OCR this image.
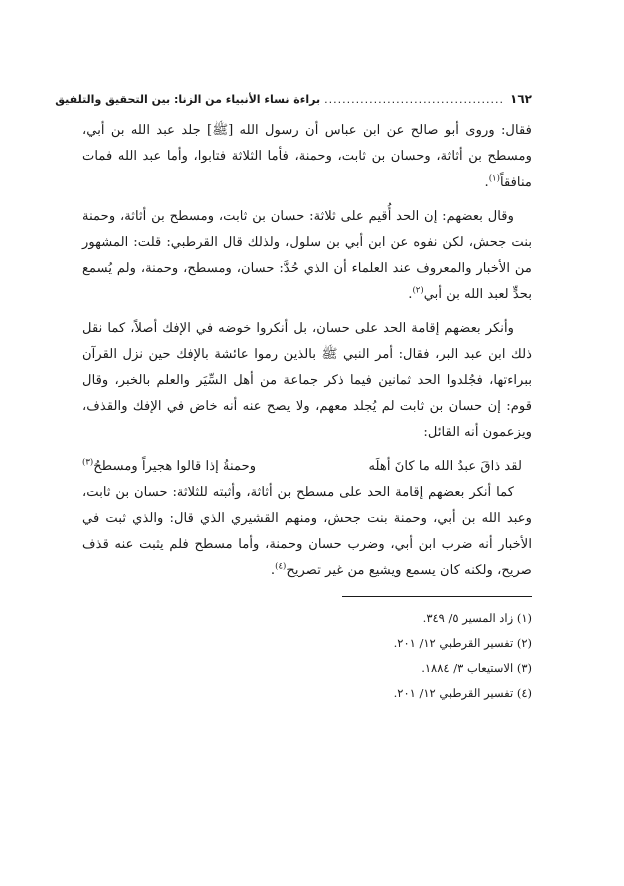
١٦٢
........................................
براءة نساء الأنبياء من الزنا: بين التحقيق والتلفيق

فقال: وروى أبو صالح عن ابن عباس أن رسول الله [ﷺ] جلد عبد الله بن أبي، ومسطح بن أثاثة، وحسان بن ثابت، وحمنة، فأما الثلاثة فتابوا، وأما عبد الله فمات منافقاً$^{(١)}$.

وقال بعضهم: إن الحد أُقيم على ثلاثة: حسان بن ثابت، ومسطح بن أثاثة، وحمنة بنت جحش، لكن نفوه عن ابن أبي بن سلول، ولذلك قال القرطبي: قلت: المشهور من الأخبار والمعروف عند العلماء أن الذي حُدَّ: حسان، ومسطح، وحمنة، ولم يُسمع بحدٍّ لعبد الله بن أبي$^{(٢)}$.

وأنكر بعضهم إقامة الحد على حسان، بل أنكروا خوضه في الإفك أصلاً، كما نقل ذلك ابن عبد البر، فقال: أمر النبي ﷺ بالذين رموا عائشة بالإفك حين نزل القرآن ببراءتها، فجُلدوا الحد ثمانين فيما ذكر جماعة من أهل السِّيَر والعلم بالخبر، وقال قوم: إن حسان بن ثابت لم يُجلد معهم، ولا يصح عنه أنه خاض في الإفك والقذف، ويزعمون أنه القائل:

لقد ذاقَ عبدُ الله ما كانَ أهلَه
وحمنةُ إذا قالوا هجيراً ومسطحُ$^{(٣)}$

كما أنكر بعضهم إقامة الحد على مسطح بن أثاثة، وأثبته للثلاثة: حسان بن ثابت، وعبد الله بن أبي، وحمنة بنت جحش، ومنهم القشيري الذي قال: والذي ثبت في الأخبار أنه ضرب ابن أبي، وضرب حسان وحمنة، وأما مسطح فلم يثبت عنه قذف صريح، ولكنه كان يسمع ويشيع من غير تصريح$^{(٤)}$.

(١) زاد المسير ٥/ ٣٤٩.
(٢) تفسير القرطبي ١٢/ ٢٠١.
(٣) الاستيعاب ٣/ ١٨٨٤.
(٤) تفسير القرطبي ١٢/ ٢٠١.
